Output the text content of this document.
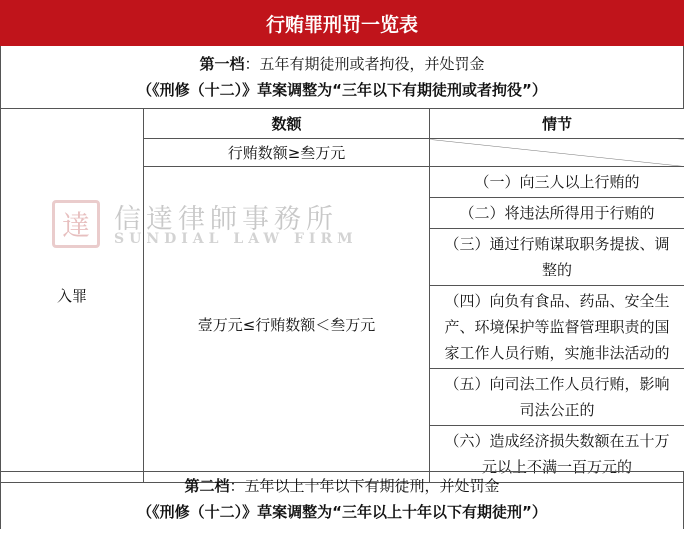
行贿罪刑罚一览表
第一档：五年有期徒刑或者拘役，并处罚金
（《刑修（十二）》草案调整为“三年以下有期徒刑或者拘役”）
入罪	数额	情节
	行贿数额≥叁万元	
	壹万元≤行贿数额＜叁万元	（一）向三人以上行贿的
		（二）将违法所得用于行贿的
		（三）通过行贿谋取职务提拔、调整的
		（四）向负有食品、药品、安全生产、环境保护等监督管理职责的国家工作人员行贿，实施非法活动的
		（五）向司法工作人员行贿，影响司法公正的
		（六）造成经济损失数额在五十万元以上不满一百万元的
第二档：五年以上十年以下有期徒刑，并处罚金
（《刑修（十二）》草案调整为“三年以上十年以下有期徒刑”）
達 信達律師事務所
SUNDIAL LAW FIRM
